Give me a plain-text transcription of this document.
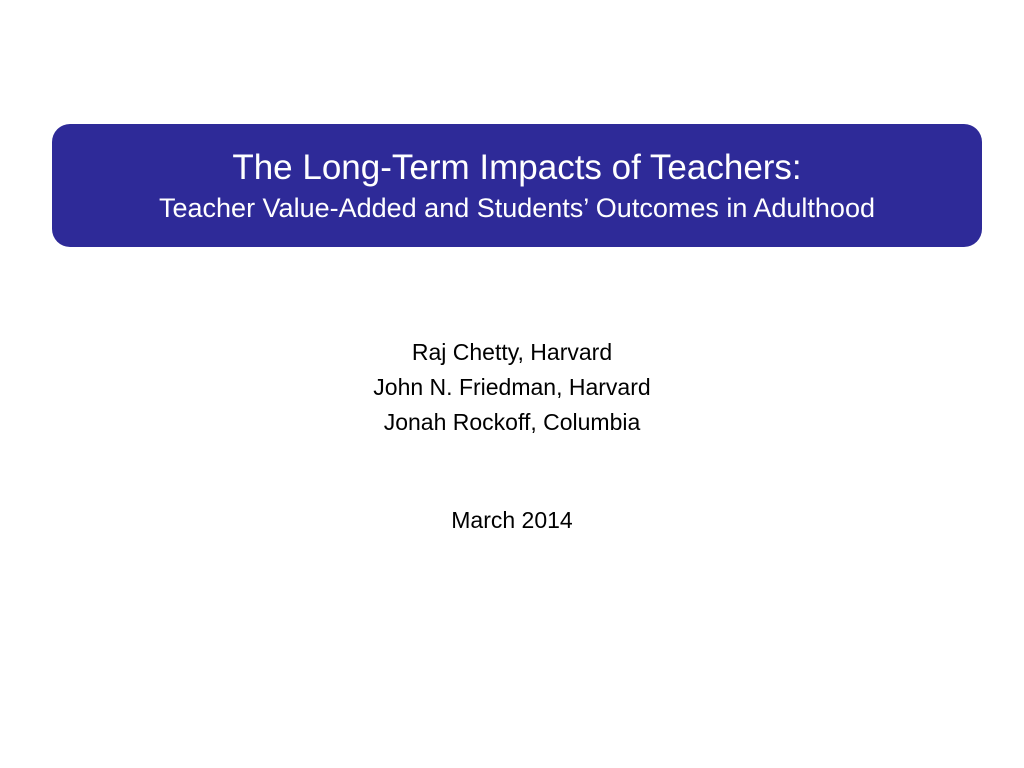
The Long-Term Impacts of Teachers:
Teacher Value-Added and Students’ Outcomes in Adulthood
Raj Chetty, Harvard
John N. Friedman, Harvard
Jonah Rockoff, Columbia
March 2014
